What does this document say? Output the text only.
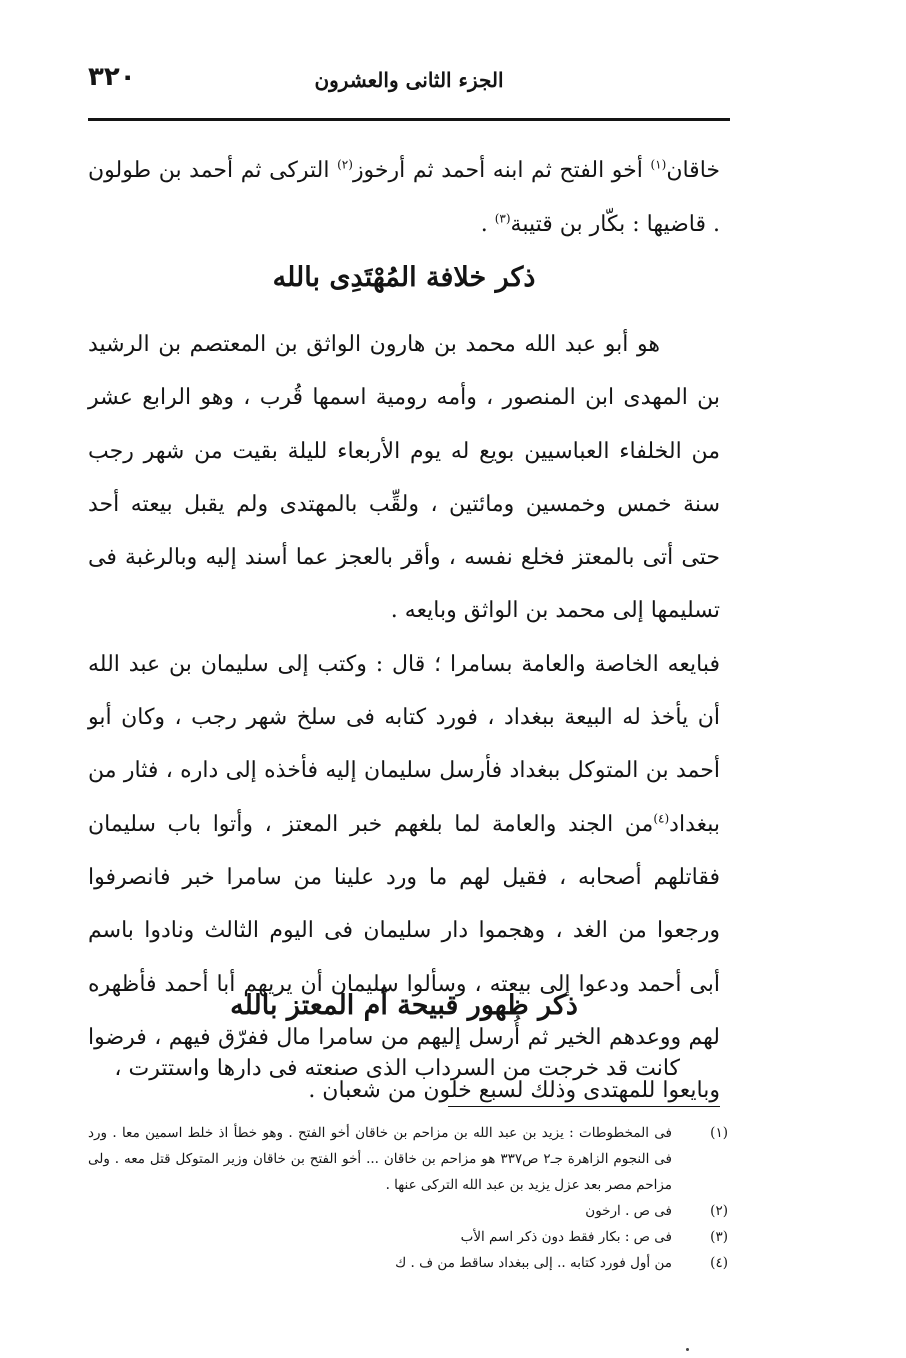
٣٢٠	الجزء الثانى والعشرون
خاقان$^{(١)}$ أخو الفتح ثم ابنه أحمد ثم أرخوز$^{(٢)}$ التركى ثم أحمد بن طولون . قاضيها : بكّار بن قتيبة$^{(٣)}$ .
ذكر خلافة المُهْتَدِى بالله
هو أبو عبد الله محمد بن هارون الواثق بن المعتصم بن الرشيد بن المهدى ابن المنصور ، وأمه رومية اسمها قُرب ، وهو الرابع عشر من الخلفاء العباسيين بويع له يوم الأربعاء لليلة بقيت من شهر رجب سنة خمس وخمسين ومائتين ، ولقِّب بالمهتدى ولم يقبل بيعته أحد حتى أتى بالمعتز فخلع نفسه ، وأقر بالعجز عما أسند إليه وبالرغبة فى تسليمها إلى محمد بن الواثق وبايعه .
فبايعه الخاصة والعامة بسامرا ؛ قال : وكتب إلى سليمان بن عبد الله أن يأخذ له البيعة ببغداد ، فورد كتابه فى سلخ شهر رجب ، وكان أبو أحمد بن المتوكل ببغداد فأرسل سليمان إليه فأخذه إلى داره ، فثار من ببغداد$^{(٤)}$من الجند والعامة لما بلغهم خبر المعتز ، وأتوا باب سليمان فقاتلهم أصحابه ، فقيل لهم ما ورد علينا من سامرا خبر فانصرفوا ورجعوا من الغد ، وهجموا دار سليمان فى اليوم الثالث ونادوا باسم أبى أحمد ودعوا إلى بيعته ، وسألوا سليمان أن يريهم أبا أحمد فأظهره لهم ووعدهم الخير ثم أُرسل إليهم من سامرا مال ففرّق فيهم ، فرضوا وبايعوا للمهتدى وذلك لسبع خلون من شعبان .
ذكر ظهور قبيحة أم المعتز بالله
كانت قد خرجت من السرداب الذى صنعته فى دارها واستترت ،
(١)
فى المخطوطات : يزيد بن عبد الله بن مزاحم بن خاقان أخو الفتح . وهو خطأ اذ خلط اسمين معا . ورد فى النجوم الزاهرة جـ٢ ص٣٣٧ هو مزاحم بن خاقان ... أخو الفتح بن خاقان وزير المتوكل قتل معه . ولى مزاحم مصر بعد عزل يزيد بن عبد الله التركى عنها .
(٢)
فى ص . ارخون
(٣)
فى ص : بكار فقط دون ذكر اسم الأب
(٤)
من أول فورد كتابه .. إلى ببغداد ساقط من ف . ك
